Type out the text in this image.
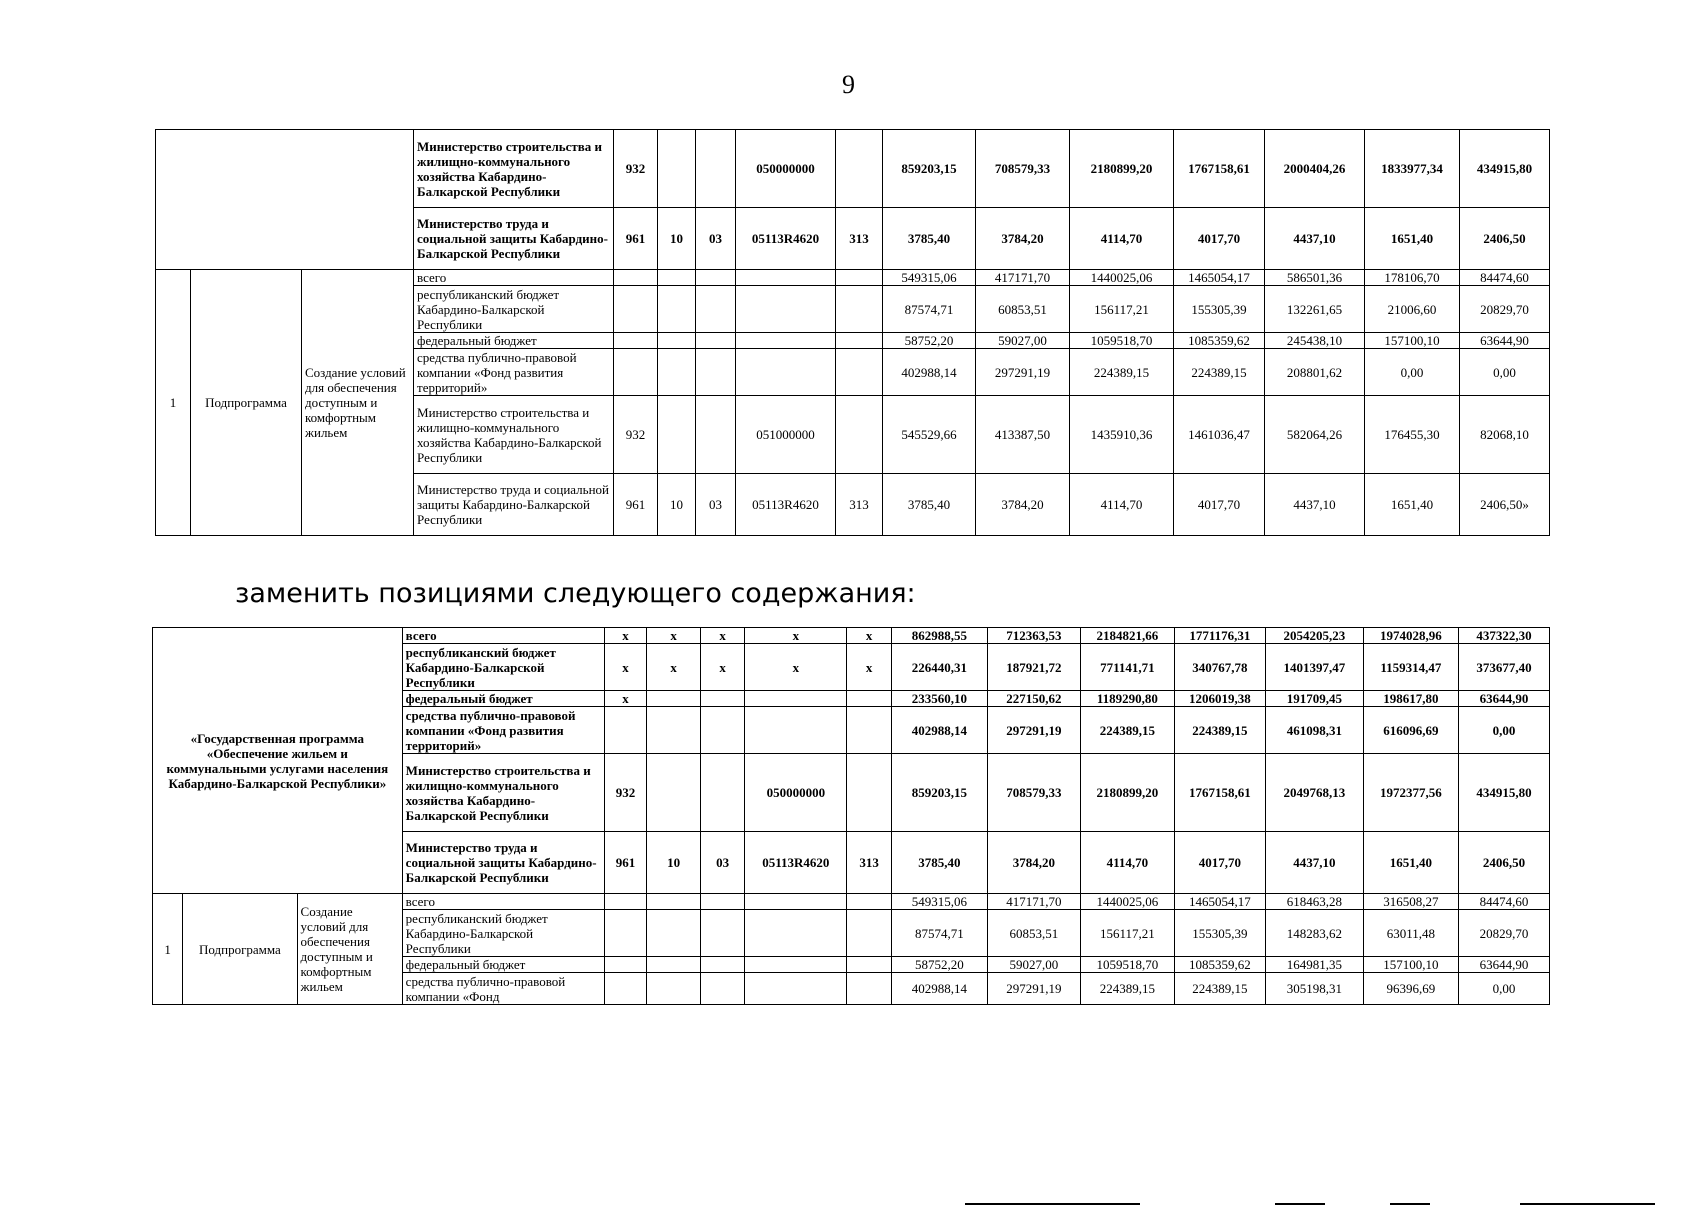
9
			Министерство строительства и жилищно-коммунального хозяйства Кабардино-Балкарской Республики	932			050000000		859203,15	708579,33	2180899,20	1767158,61	2000404,26	1833977,34	434915,80
			Министерство труда и социальной защиты Кабардино-Балкарской Республики	961	10	03	05113R4620	313	3785,40	3784,20	4114,70	4017,70	4437,10	1651,40	2406,50
1	Подпрограмма	Создание условий для обеспечения доступным и комфортным жильем	всего						549315,06	417171,70	1440025,06	1465054,17	586501,36	178106,70	84474,60
			республиканский бюджет Кабардино-Балкарской Республики						87574,71	60853,51	156117,21	155305,39	132261,65	21006,60	20829,70
			федеральный бюджет						58752,20	59027,00	1059518,70	1085359,62	245438,10	157100,10	63644,90
			средства публично-правовой компании «Фонд развития территорий»						402988,14	297291,19	224389,15	224389,15	208801,62	0,00	0,00
			Министерство строительства и жилищно-коммунального хозяйства Кабардино-Балкарской Республики	932			051000000		545529,66	413387,50	1435910,36	1461036,47	582064,26	176455,30	82068,10
			Министерство труда и социальной защиты Кабардино-Балкарской Республики	961	10	03	05113R4620	313	3785,40	3784,20	4114,70	4017,70	4437,10	1651,40	2406,50»
заменить позициями следующего содержания:
«Государственная программа «Обеспечение жильем и коммунальными услугами населения Кабардино-Балкарской Республики»			всего	х	х	х	х	х	862988,55	712363,53	2184821,66	1771176,31	2054205,23	1974028,96	437322,30
			республиканский бюджет Кабардино-Балкарской Республики	х	х	х	х	х	226440,31	187921,72	771141,71	340767,78	1401397,47	1159314,47	373677,40
			федеральный бюджет	х					233560,10	227150,62	1189290,80	1206019,38	191709,45	198617,80	63644,90
			средства публично-правовой компании «Фонд развития территорий»						402988,14	297291,19	224389,15	224389,15	461098,31	616096,69	0,00
			Министерство строительства и жилищно-коммунального хозяйства Кабардино-Балкарской Республики	932			050000000		859203,15	708579,33	2180899,20	1767158,61	2049768,13	1972377,56	434915,80
			Министерство труда и социальной защиты Кабардино-Балкарской Республики	961	10	03	05113R4620	313	3785,40	3784,20	4114,70	4017,70	4437,10	1651,40	2406,50
1	Подпрограмма	Создание условий для обеспечения доступным и комфортным жильем	всего						549315,06	417171,70	1440025,06	1465054,17	618463,28	316508,27	84474,60
			республиканский бюджет Кабардино-Балкарской Республики						87574,71	60853,51	156117,21	155305,39	148283,62	63011,48	20829,70
			федеральный бюджет						58752,20	59027,00	1059518,70	1085359,62	164981,35	157100,10	63644,90
			средства публично-правовой компании «Фонд						402988,14	297291,19	224389,15	224389,15	305198,31	96396,69	0,00
